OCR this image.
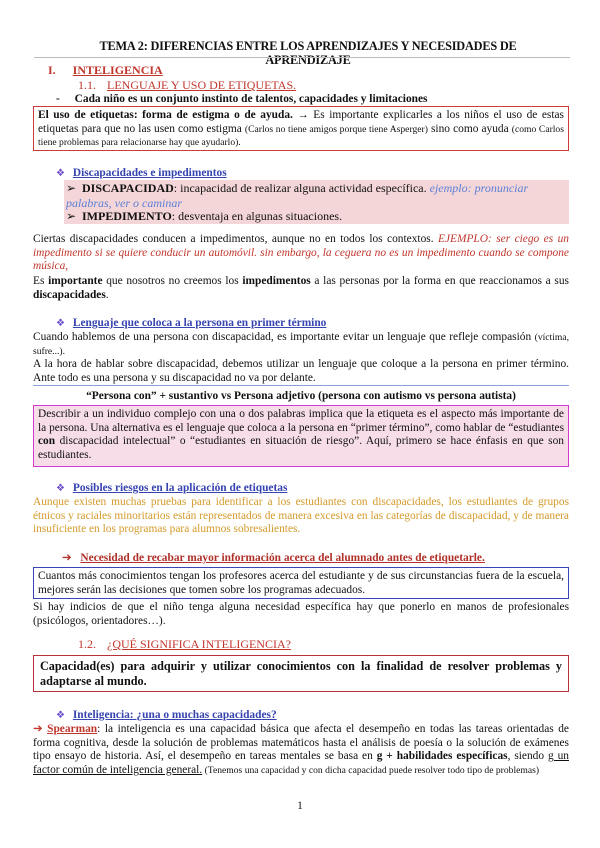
TEMA 2: DIFERENCIAS ENTRE LOS APRENDIZAJES Y NECESIDADES DE APRENDIZAJE
I. INTELIGENCIA
1.1. LENGUAJE Y USO DE ETIQUETAS.
- Cada niño es un conjunto instinto de talentos, capacidades y limitaciones
El uso de etiquetas: forma de estigma o de ayuda. → Es importante explicarles a los niños el uso de estas etiquetas para que no las usen como estigma (Carlos no tiene amigos porque tiene Asperger) sino como ayuda (como Carlos tiene problemas para relacionarse hay que ayudarlo).
❖ Discapacidades e impedimentos
➢ DISCAPACIDAD: incapacidad de realizar alguna actividad específica. ejemplo: pronunciar palabras, ver o caminar
➢ IMPEDIMENTO: desventaja en algunas situaciones.
Ciertas discapacidades conducen a impedimentos, aunque no en todos los contextos. EJEMPLO: ser ciego es un impedimento si se quiere conducir un automóvil. sin embargo, la ceguera no es un impedimento cuando se compone música,
Es importante que nosotros no creemos los impedimentos a las personas por la forma en que reaccionamos a sus discapacidades.
❖ Lenguaje que coloca a la persona en primer término
Cuando hablemos de una persona con discapacidad, es importante evitar un lenguaje que refleje compasión (víctima, sufre...).
A la hora de hablar sobre discapacidad, debemos utilizar un lenguaje que coloque a la persona en primer término. Ante todo es una persona y su discapacidad no va por delante.
“Persona con” + sustantivo vs Persona adjetivo (persona con autismo vs persona autista)
Describir a un individuo complejo con una o dos palabras implica que la etiqueta es el aspecto más importante de la persona. Una alternativa es el lenguaje que coloca a la persona en “primer término”, como hablar de “estudiantes con discapacidad intelectual” o “estudiantes en situación de riesgo”. Aquí, primero se hace énfasis en que son estudiantes.
❖ Posibles riesgos en la aplicación de etiquetas
Aunque existen muchas pruebas para identificar a los estudiantes con discapacidades, los estudiantes de grupos étnicos y raciales minoritarios están representados de manera excesiva en las categorías de discapacidad, y de manera insuficiente en los programas para alumnos sobresalientes.
➔ Necesidad de recabar mayor información acerca del alumnado antes de etiquetarle.
Cuantos más conocimientos tengan los profesores acerca del estudiante y de sus circunstancias fuera de la escuela, mejores serán las decisiones que tomen sobre los programas adecuados.
Si hay indicios de que el niño tenga alguna necesidad específica hay que ponerlo en manos de profesionales (psicólogos, orientadores…).
1.2. ¿QUÉ SIGNIFICA INTELIGENCIA?
Capacidad(es) para adquirir y utilizar conocimientos con la finalidad de resolver problemas y adaptarse al mundo.
❖ Inteligencia: ¿una o muchas capacidades?
➔ Spearman: la inteligencia es una capacidad básica que afecta el desempeño en todas las tareas orientadas de forma cognitiva, desde la solución de problemas matemáticos hasta el análisis de poesía o la solución de exámenes tipo ensayo de historia. Así, el desempeño en tareas mentales se basa en g + habilidades específicas, siendo g un factor común de inteligencia general. (Tenemos una capacidad y con dicha capacidad puede resolver todo tipo de problemas)
1
